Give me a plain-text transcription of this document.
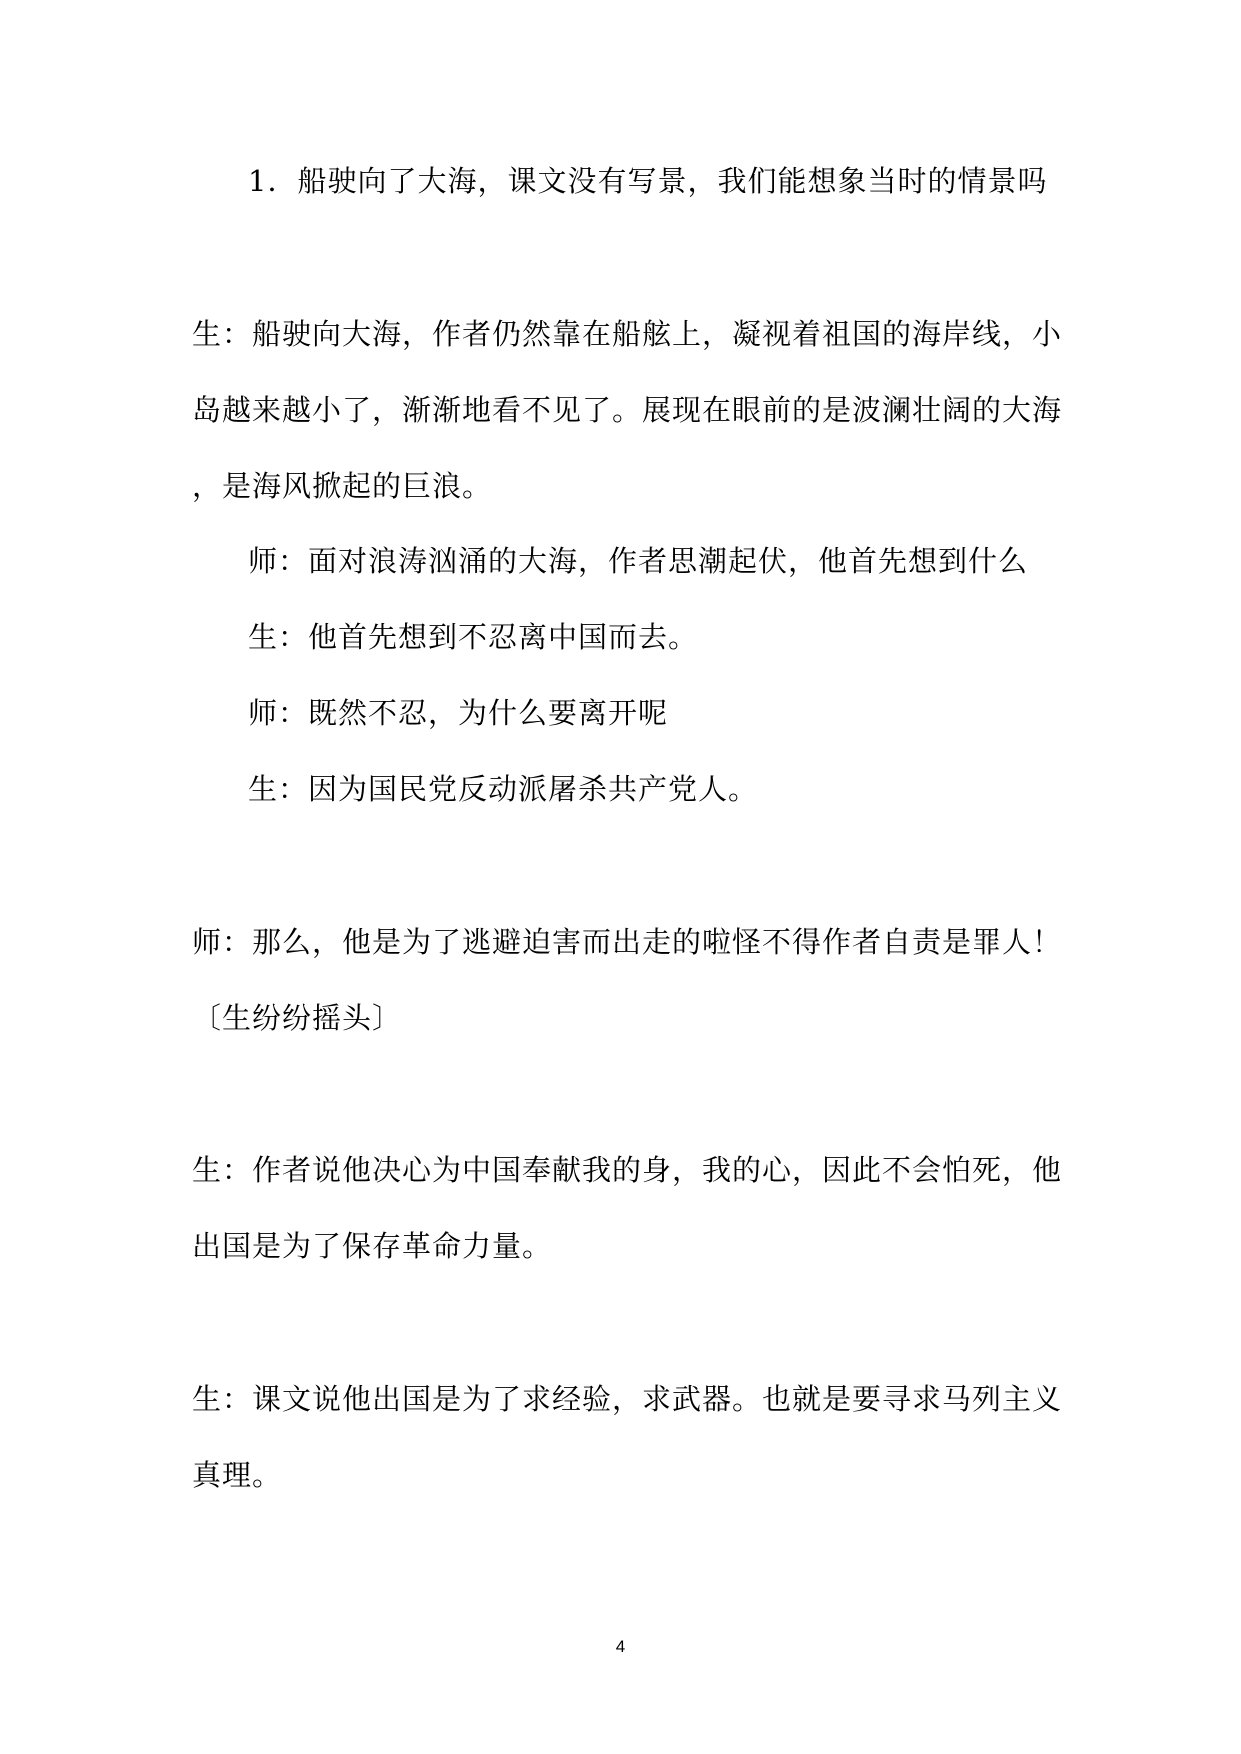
1．船驶向了大海，课文没有写景，我们能想象当时的情景吗
生：船驶向大海，作者仍然靠在船舷上，凝视着祖国的海岸线，小
岛越来越小了，渐渐地看不见了。展现在眼前的是波澜壮阔的大海
，是海风掀起的巨浪。
师：面对浪涛汹涌的大海，作者思潮起伏，他首先想到什么
生：他首先想到不忍离中国而去。
师：既然不忍，为什么要离开呢
生：因为国民党反动派屠杀共产党人。
师：那么，他是为了逃避迫害而出走的啦怪不得作者自责是罪人！
〔生纷纷摇头〕
生：作者说他决心为中国奉献我的身，我的心，因此不会怕死，他
出国是为了保存革命力量。
生：课文说他出国是为了求经验，求武器。也就是要寻求马列主义
真理。
4
